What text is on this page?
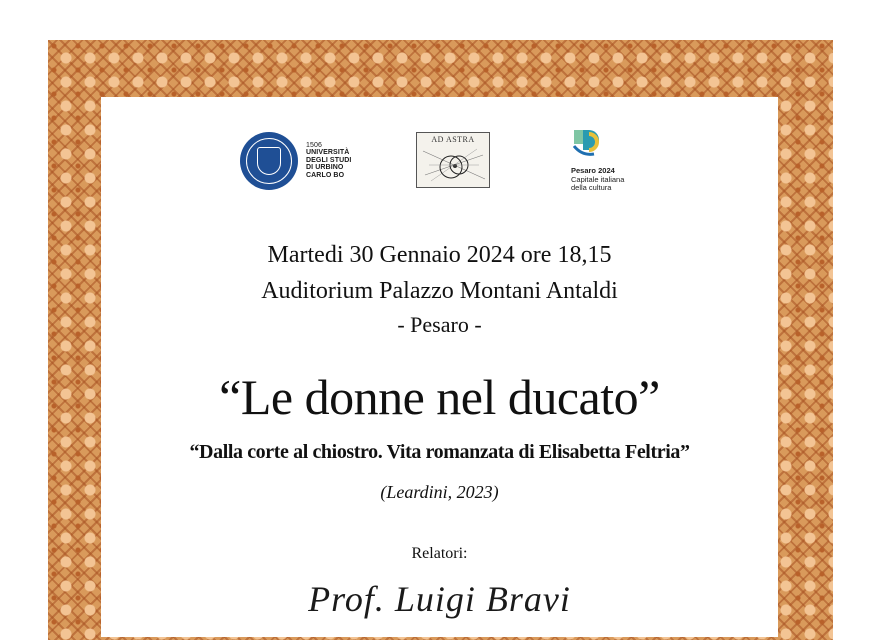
1506
UNIVERSITÀ
DEGLI STUDI
DI URBINO
CARLO BO
AD ASTRA
Pesaro 2024
Capitale italiana
della cultura
Martedi 30 Gennaio 2024 ore 18,15
Auditorium Palazzo Montani Antaldi
- Pesaro -
“Le donne nel ducato”
“Dalla corte al chiostro. Vita romanzata di Elisabetta Feltria”
(Leardini, 2023)
Relatori:
Prof. Luigi Bravi
